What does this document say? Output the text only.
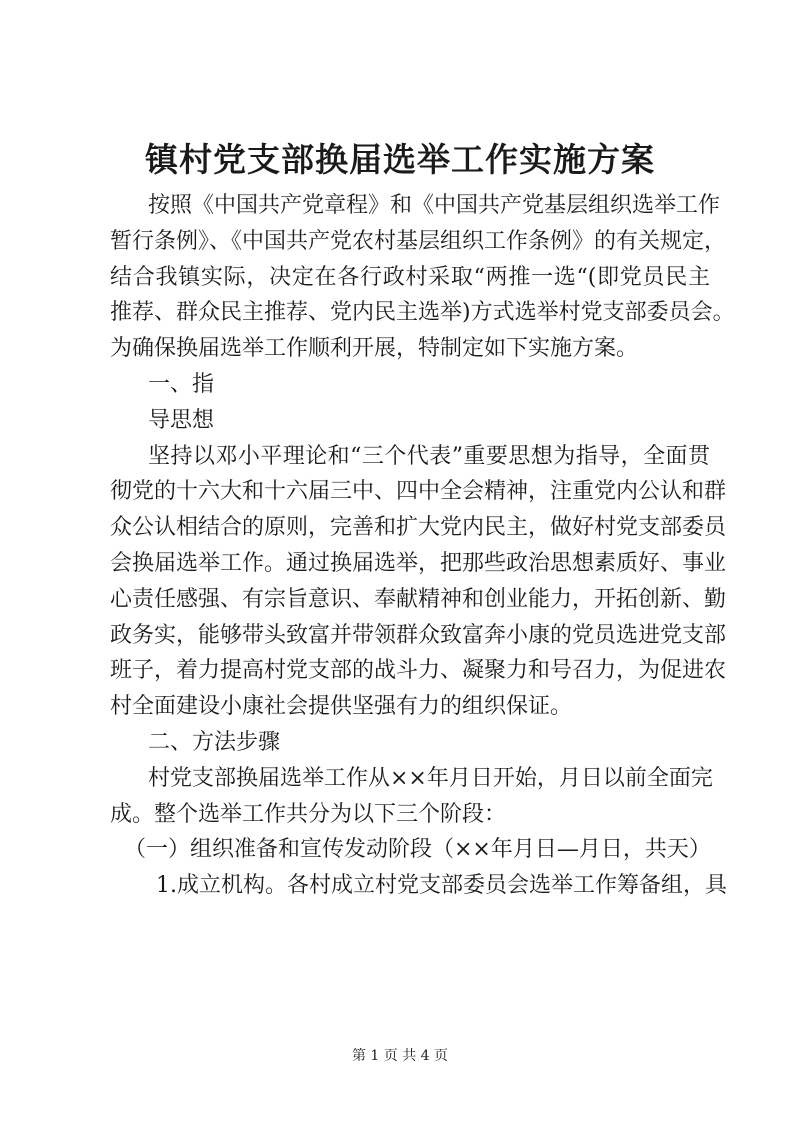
镇村党支部换届选举工作实施方案
按照《中国共产党章程》和《中国共产党基层组织选举工作
暂行条例》、《中国共产党农村基层组织工作条例》的有关规定，
结合我镇实际，决定在各行政村采取“两推一选“(即党员民主
推荐、群众民主推荐、党内民主选举)方式选举村党支部委员会。
为确保换届选举工作顺利开展，特制定如下实施方案。
一、指
导思想
坚持以邓小平理论和“三个代表”重要思想为指导，全面贯
彻党的十六大和十六届三中、四中全会精神，注重党内公认和群
众公认相结合的原则，完善和扩大党内民主，做好村党支部委员
会换届选举工作。通过换届选举，把那些政治思想素质好、事业
心责任感强、有宗旨意识、奉献精神和创业能力，开拓创新、勤
政务实，能够带头致富并带领群众致富奔小康的党员选进党支部
班子，着力提高村党支部的战斗力、凝聚力和号召力，为促进农
村全面建设小康社会提供坚强有力的组织保证。
二、方法步骤
村党支部换届选举工作从××年月日开始，月日以前全面完
成。整个选举工作共分为以下三个阶段：
（一）组织准备和宣传发动阶段（××年月日—月日，共天）
1.成立机构。各村成立村党支部委员会选举工作筹备组，具
第 1 页 共 4 页
